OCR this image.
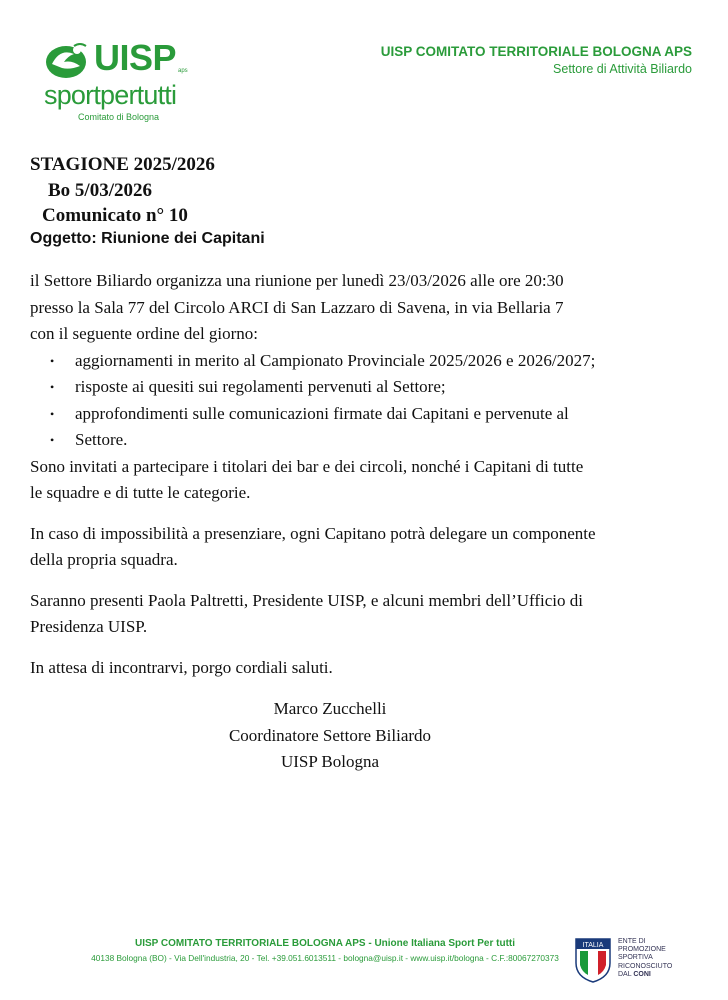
UISP aps
sportpertutti
Comitato di Bologna
UISP COMITATO TERRITORIALE BOLOGNA APS
Settore di Attività Biliardo
STAGIONE 2025/2026
Bo 5/03/2026
Comunicato n° 10
Oggetto: Riunione dei Capitani

il Settore Biliardo organizza una riunione per lunedì 23/03/2026 alle ore 20:30

presso la Sala 77 del Circolo ARCI di San Lazzaro di Savena, in via Bellaria 7

con il seguente ordine del giorno:

• aggiornamenti in merito al Campionato Provinciale 2025/2026 e 2026/2027;
• risposte ai quesiti sui regolamenti pervenuti al Settore;
• approfondimenti sulle comunicazioni firmate dai Capitani e pervenute al
• Settore.

Sono invitati a partecipare i titolari dei bar e dei circoli, nonché i Capitani di tutte

le squadre e di tutte le categorie.

In caso di impossibilità a presenziare, ogni Capitano potrà delegare un componente

della propria squadra.

Saranno presenti Paola Paltretti, Presidente UISP, e alcuni membri dell’Ufficio di

Presidenza UISP.

In attesa di incontrarvi, porgo cordiali saluti.

Marco Zucchelli
Coordinatore Settore Biliardo
UISP Bologna
UISP COMITATO TERRITORIALE BOLOGNA APS - Unione Italiana Sport Per tutti
40138 Bologna (BO) - Via Dell'industria, 20 - Tel. +39.051.6013511 - bologna@uisp.it - www.uisp.it/bologna - C.F.:80067270373
ITALIA
ENTE DI PROMOZIONE
SPORTIVA
RICONOSCIUTO
DAL CONI
